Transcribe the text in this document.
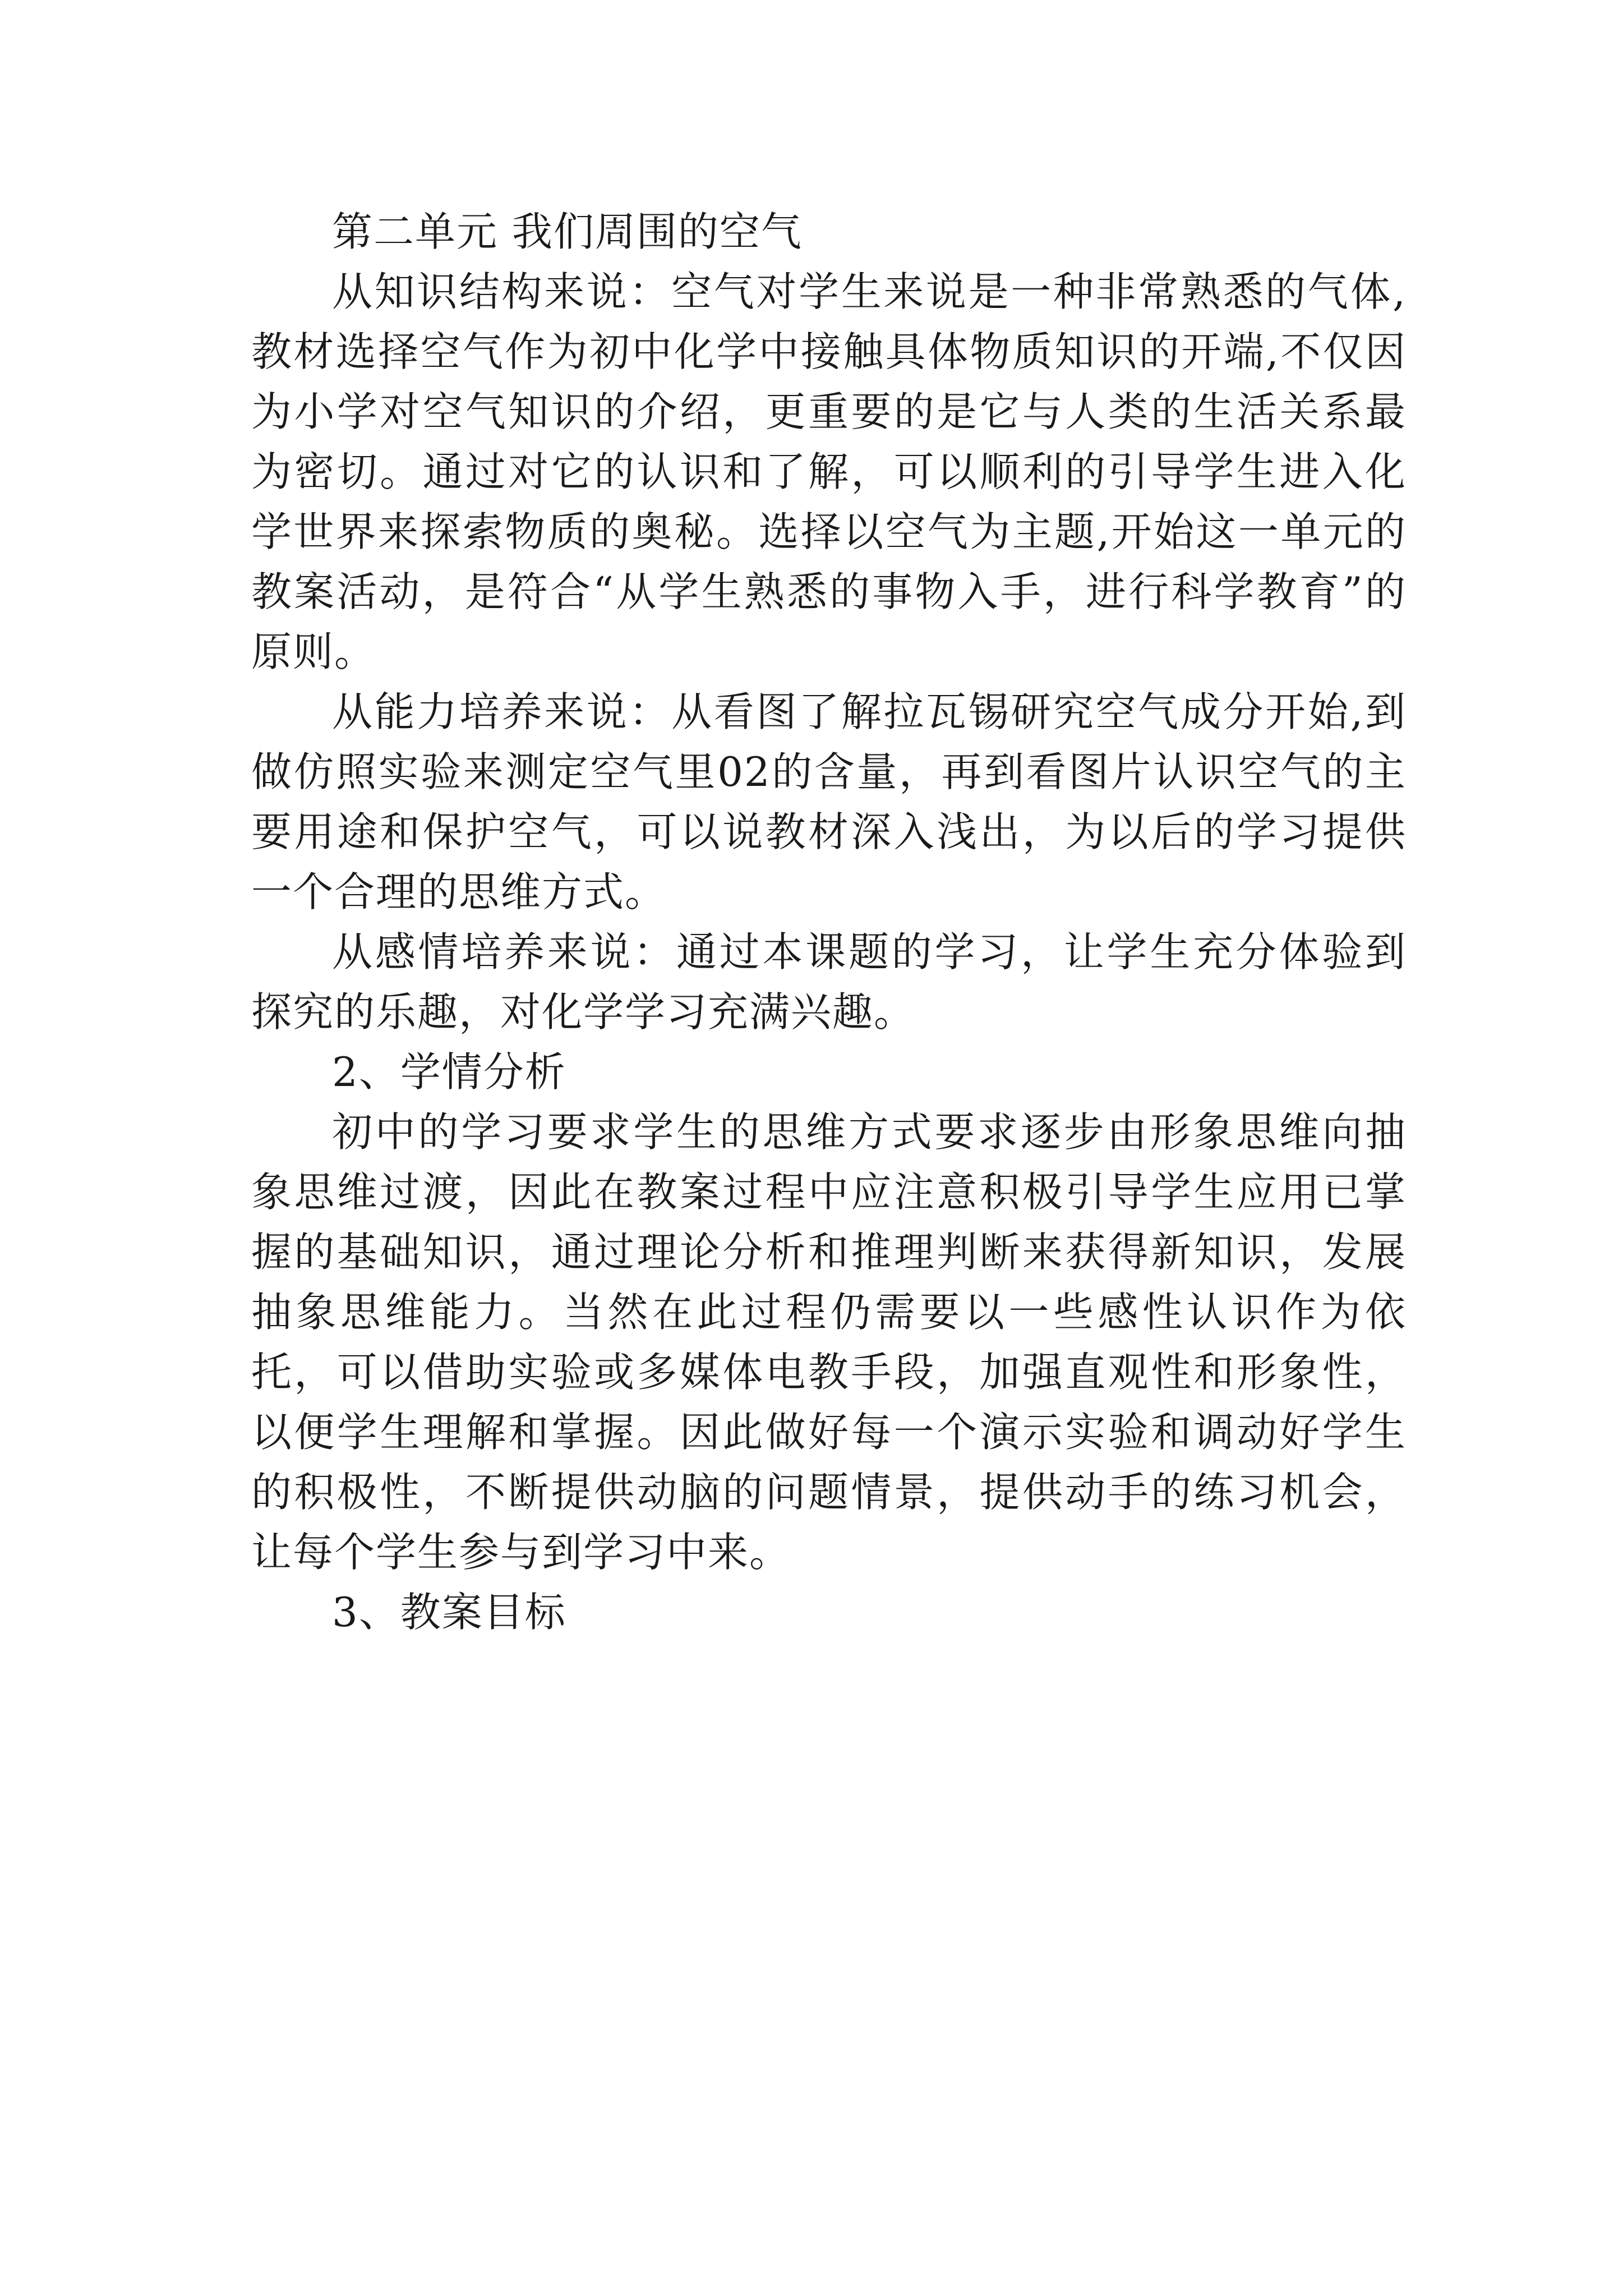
第二单元 我们周围的空气

从知识结构来说：空气对学生来说是一种非常熟悉的气体,教材选择空气作为初中化学中接触具体物质知识的开端,不仅因为小学对空气知识的介绍，更重要的是它与人类的生活关系最为密切。通过对它的认识和了解，可以顺利的引导学生进入化学世界来探索物质的奥秘。选择以空气为主题,开始这一单元的教案活动，是符合“从学生熟悉的事物入手，进行科学教育”的原则。

从能力培养来说：从看图了解拉瓦锡研究空气成分开始,到做仿照实验来测定空气里02的含量，再到看图片认识空气的主要用途和保护空气，可以说教材深入浅出，为以后的学习提供一个合理的思维方式。

从感情培养来说：通过本课题的学习，让学生充分体验到探究的乐趣，对化学学习充满兴趣。

2、学情分析

初中的学习要求学生的思维方式要求逐步由形象思维向抽象思维过渡，因此在教案过程中应注意积极引导学生应用已掌握的基础知识，通过理论分析和推理判断来获得新知识，发展抽象思维能力。当然在此过程仍需要以一些感性认识作为依托，可以借助实验或多媒体电教手段，加强直观性和形象性，以便学生理解和掌握。因此做好每一个演示实验和调动好学生的积极性，不断提供动脑的问题情景，提供动手的练习机会，让每个学生参与到学习中来。

3、教案目标
